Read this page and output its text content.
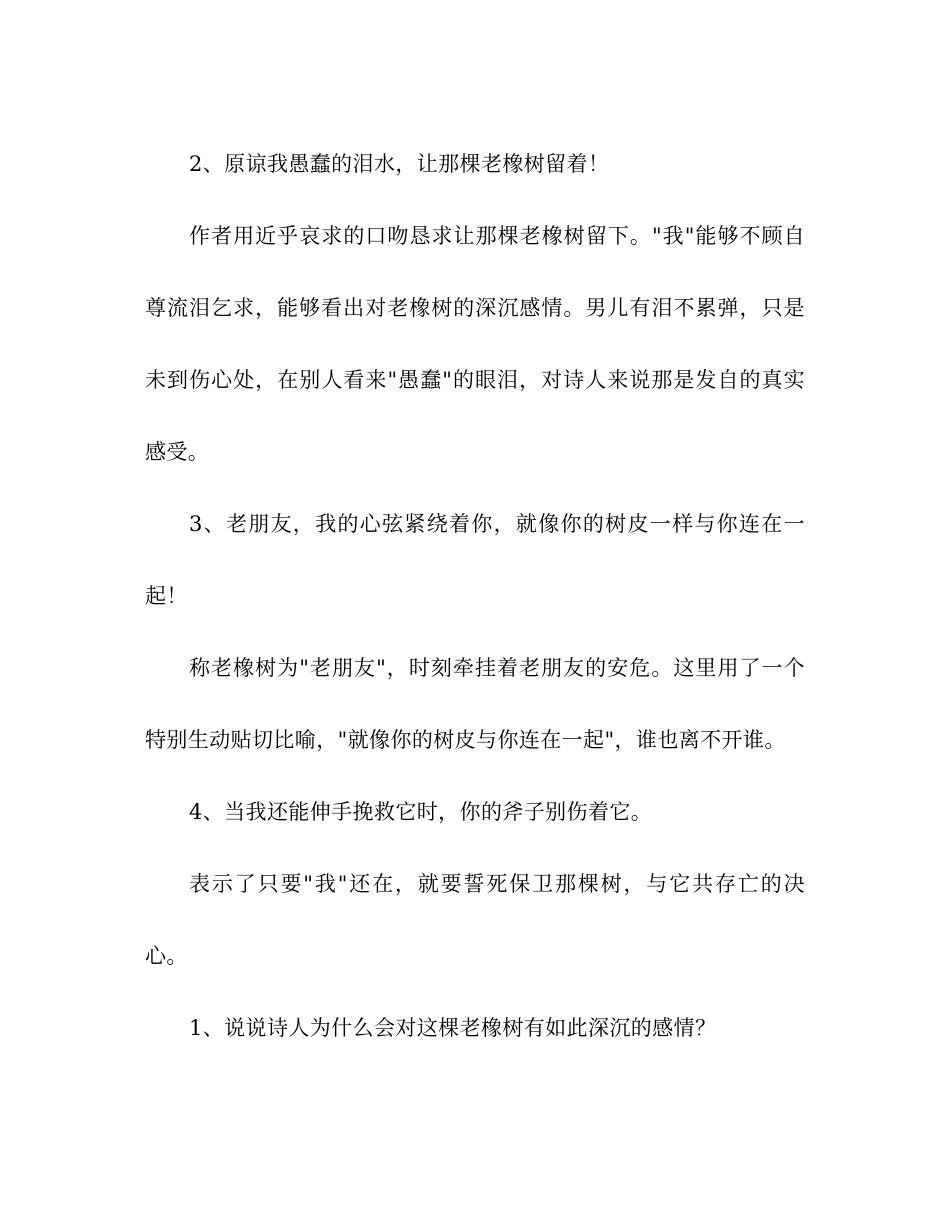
2、原谅我愚蠢的泪水，让那棵老橡树留着！

作者用近乎哀求的口吻恳求让那棵老橡树留下。"我"能够不顾自尊流泪乞求，能够看出对老橡树的深沉感情。男儿有泪不累弹，只是未到伤心处，在别人看来"愚蠢"的眼泪，对诗人来说那是发自的真实感受。

3、老朋友，我的心弦紧绕着你，就像你的树皮一样与你连在一起！

称老橡树为"老朋友"，时刻牵挂着老朋友的安危。这里用了一个特别生动贴切比喻，"就像你的树皮与你连在一起"，谁也离不开谁。

4、当我还能伸手挽救它时，你的斧子别伤着它。

表示了只要"我"还在，就要誓死保卫那棵树，与它共存亡的决心。

1、说说诗人为什么会对这棵老橡树有如此深沉的感情？
